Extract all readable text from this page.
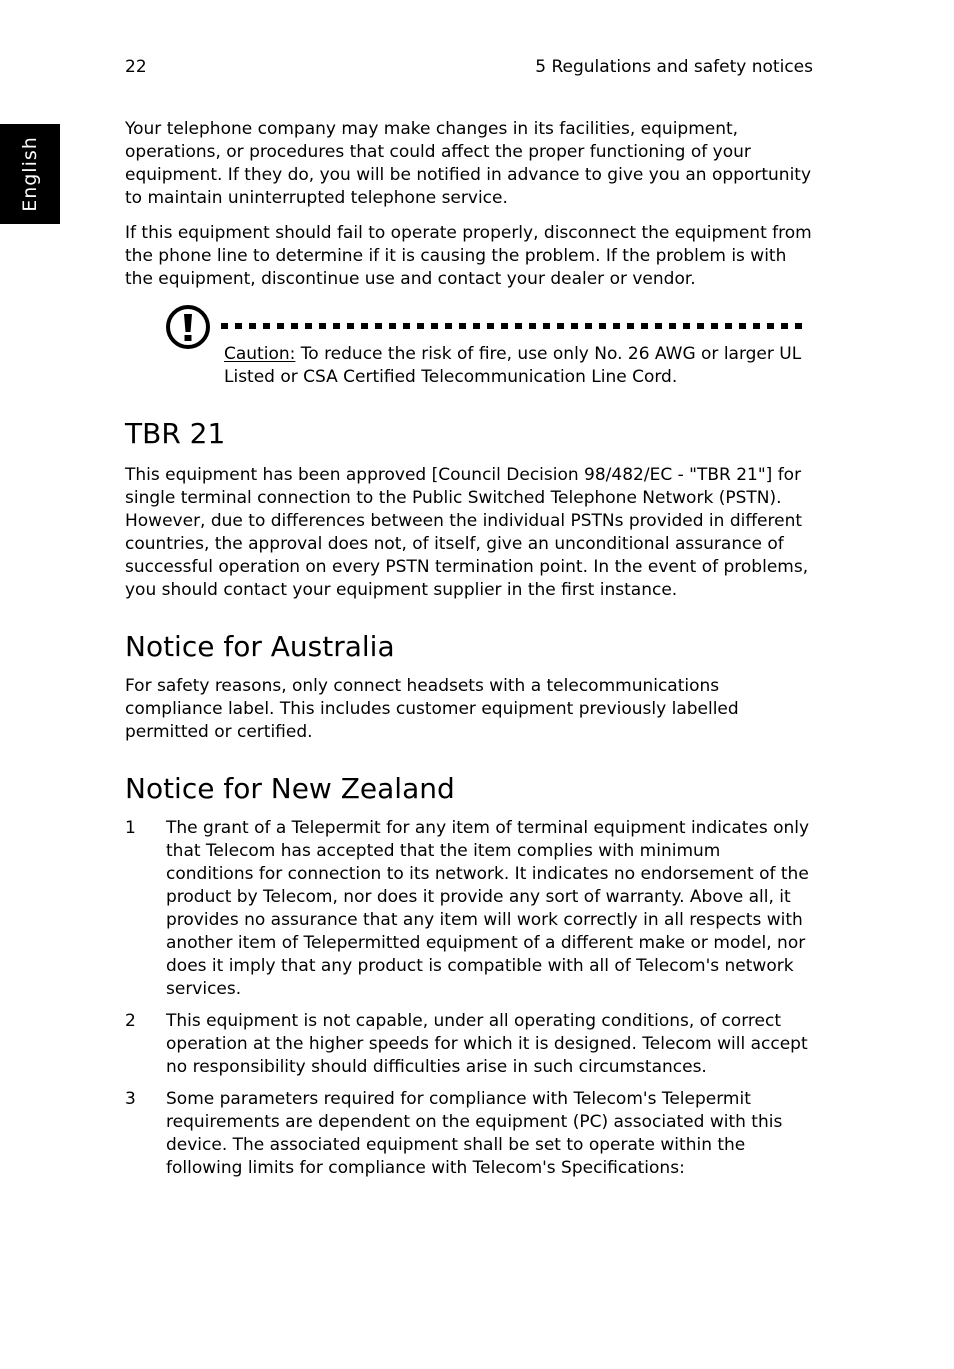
22	5 Regulations and safety notices
English

Your telephone company may make changes in its facilities, equipment, operations, or procedures that could affect the proper functioning of your equipment. If they do, you will be notified in advance to give you an opportunity to maintain uninterrupted telephone service.

If this equipment should fail to operate properly, disconnect the equipment from the phone line to determine if it is causing the problem. If the problem is with the equipment, discontinue use and contact your dealer or vendor.

Caution: To reduce the risk of fire, use only No. 26 AWG or larger UL Listed or CSA Certified Telecommunication Line Cord.

TBR 21

This equipment has been approved [Council Decision 98/482/EC - "TBR 21"] for single terminal connection to the Public Switched Telephone Network (PSTN). However, due to differences between the individual PSTNs provided in different countries, the approval does not, of itself, give an unconditional assurance of successful operation on every PSTN termination point. In the event of problems, you should contact your equipment supplier in the first instance.

Notice for Australia

For safety reasons, only connect headsets with a telecommunications compliance label. This includes customer equipment previously labelled permitted or certified.

Notice for New Zealand
1 The grant of a Telepermit for any item of terminal equipment indicates only that Telecom has accepted that the item complies with minimum conditions for connection to its network. It indicates no endorsement of the product by Telecom, nor does it provide any sort of warranty. Above all, it provides no assurance that any item will work correctly in all respects with another item of Telepermitted equipment of a different make or model, nor does it imply that any product is compatible with all of Telecom's network services.

2 This equipment is not capable, under all operating conditions, of correct operation at the higher speeds for which it is designed. Telecom will accept no responsibility should difficulties arise in such circumstances.

3 Some parameters required for compliance with Telecom's Telepermit requirements are dependent on the equipment (PC) associated with this device. The associated equipment shall be set to operate within the following limits for compliance with Telecom's Specifications:
